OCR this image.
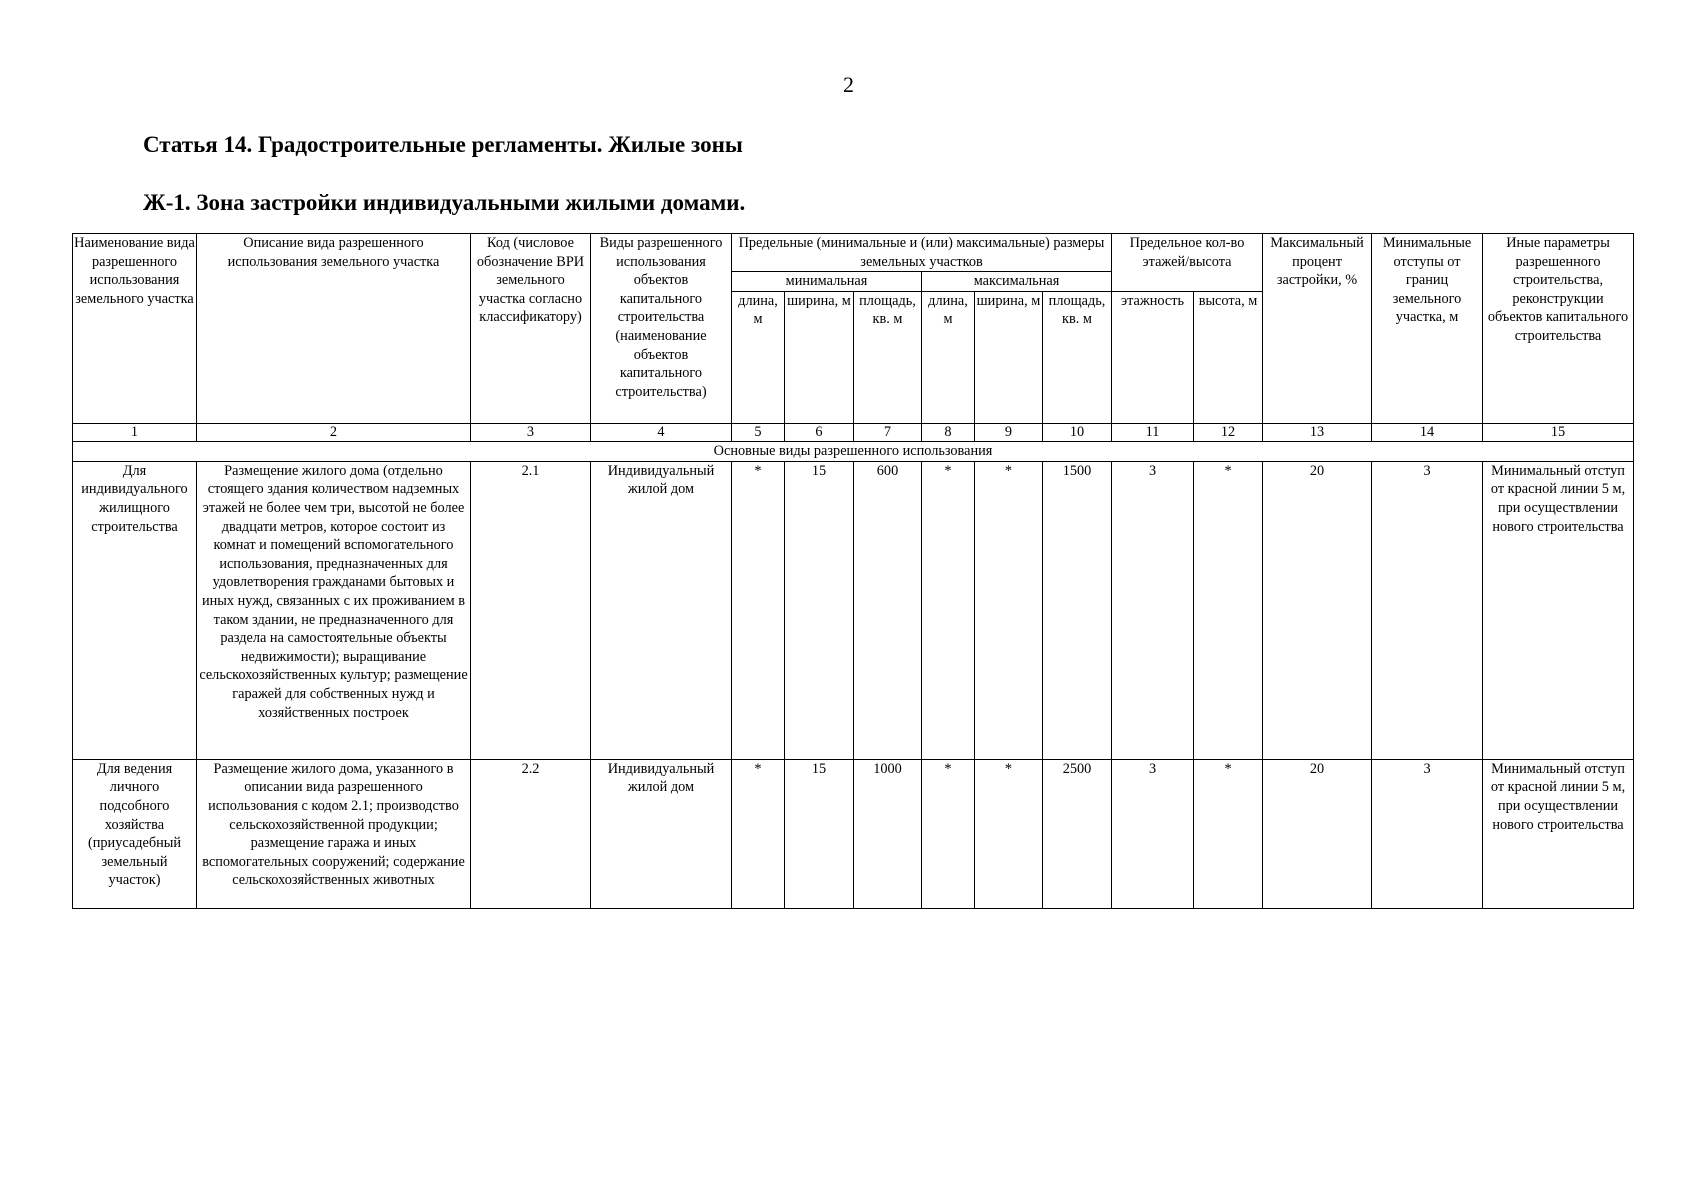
2
Статья 14. Градостроительные регламенты. Жилые зоны
Ж-1. Зона застройки индивидуальными жилыми домами.
Наименование вида разрешенного использования земельного участка	Описание вида разрешенного использования земельного участка	Код (числовое обозначение ВРИ земельного участка согласно классификатору)	Виды разрешенного использования объектов капитального строительства (наименование объектов капитального строительства)	Предельные (минимальные и (или) максимальные) размеры земельных участков						Предельное кол-во этажей/высота		Максимальный процент застройки, %	Минимальные отступы от границ земельного участка, м	Иные параметры разрешенного строительства, реконструкции объектов капитального строительства
				минимальная			максимальная							
				длина, м	ширина, м	площадь, кв. м	длина, м	ширина, м	площадь, кв. м	этажность	высота, м			
1	2	3	4	5	6	7	8	9	10	11	12	13	14	15
Основные виды разрешенного использования														
Для индивидуального жилищного строительства	Размещение жилого дома (отдельно стоящего здания количеством надземных этажей не более чем три, высотой не более двадцати метров, которое состоит из комнат и помещений вспомогательного использования, предназначенных для удовлетворения гражданами бытовых и иных нужд, связанных с их проживанием в таком здании, не предназначенного для раздела на самостоятельные объекты недвижимости); выращивание сельскохозяйственных культур; размещение гаражей для собственных нужд и хозяйственных построек	2.1	Индивидуальный жилой дом	*	15	600	*	*	1500	3	*	20	3	Минимальный отступ от красной линии 5 м, при осуществлении нового строительства
Для ведения личного подсобного хозяйства (приусадебный земельный участок)	Размещение жилого дома, указанного в описании вида разрешенного использования с кодом 2.1; производство сельскохозяйственной продукции; размещение гаража и иных вспомогательных сооружений; содержание сельскохозяйственных животных	2.2	Индивидуальный жилой дом	*	15	1000	*	*	2500	3	*	20	3	Минимальный отступ от красной линии 5 м, при осуществлении нового строительства
